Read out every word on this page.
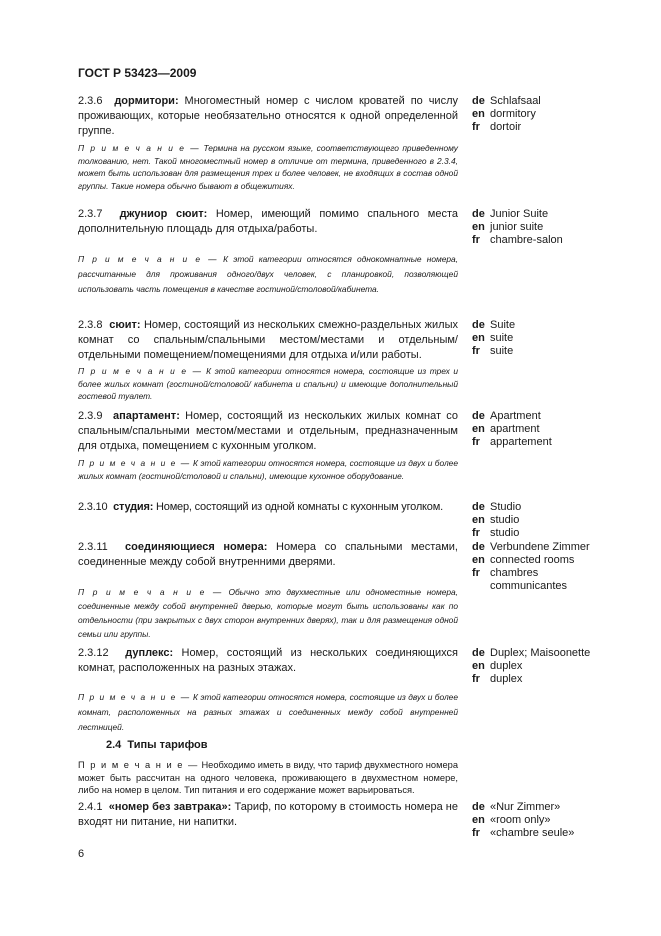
ГОСТ Р 53423—2009
2.3.6 дормитори: Многоместный номер с числом кроватей по числу проживающих, которые необязательно относятся к одной определенной группе.
П р и м е ч а н и е — Термина на русском языке, соответствующего приведенному толкованию, нет. Такой многоместный номер в отличие от термина, приведенного в 2.3.4, может быть использован для размещения трех и более человек, не входящих в состав одной группы. Такие номера обычно бывают в общежитиях.
de Schlafsaal
en dormitory
fr dortoir
2.3.7 джуниор сюит: Номер, имеющий помимо спального места дополнительную площадь для отдыха/работы.
П р и м е ч а н и е — К этой категории относятся однокомнатные номера, рассчитанные для проживания одного/двух человек, с планировкой, позволяющей использовать часть помещения в качестве гостиной/столовой/кабинета.
de Junior Suite
en junior suite
fr chambre-salon
2.3.8 сюит: Номер, состоящий из нескольких смежно-раздельных жилых комнат со спальным/спальными местом/местами и отдельным/отдельными помещением/помещениями для отдыха и/или работы.
П р и м е ч а н и е — К этой категории относятся номера, состоящие из трех и более жилых комнат (гостиной/столовой/ кабинета и спальни) и имеющие дополнительный гостевой туалет.
de Suite
en suite
fr suite
2.3.9 апартамент: Номер, состоящий из нескольких жилых комнат со спальным/спальными местом/местами и отдельным, предназначенным для отдыха, помещением с кухонным уголком.
П р и м е ч а н и е — К этой категории относятся номера, состоящие из двух и более жилых комнат (гостиной/столовой и спальни), имеющие кухонное оборудование.
de Apartment
en apartment
fr appartement
2.3.10 студия: Номер, состоящий из одной комнаты с кухонным уголком.	de Studio
en studio
fr studio
2.3.11 соединяющиеся номера: Номера со спальными местами, соединенные между собой внутренними дверями.
П р и м е ч а н и е — Обычно это двухместные или одноместные номера, соединенные между собой внутренней дверью, которые могут быть использованы как по отдельности (при закрытых с двух сторон внутренних дверях), так и для размещения одной семьи или группы.
de Verbundene Zimmer
en connected rooms
fr chambres communicantes
2.3.12 дуплекс: Номер, состоящий из нескольких соединяющихся комнат, расположенных на разных этажах.
П р и м е ч а н и е — К этой категории относятся номера, состоящие из двух и более комнат, расположенных на разных этажах и соединенных между собой внутренней лестницей.
de Duplex; Maisoonette
en duplex
fr duplex
2.4 Типы тарифов
П р и м е ч а н и е — Необходимо иметь в виду, что тариф двухместного номера может быть рассчитан на одного человека, проживающего в двухместном номере, либо на номер в целом. Тип питания и его содержание может варьироваться.
2.4.1 «номер без завтрака»: Тариф, по которому в стоимость номера не входят ни питание, ни напитки.
de «Nur Zimmer»
en «room only»
fr «chambre seule»
6
